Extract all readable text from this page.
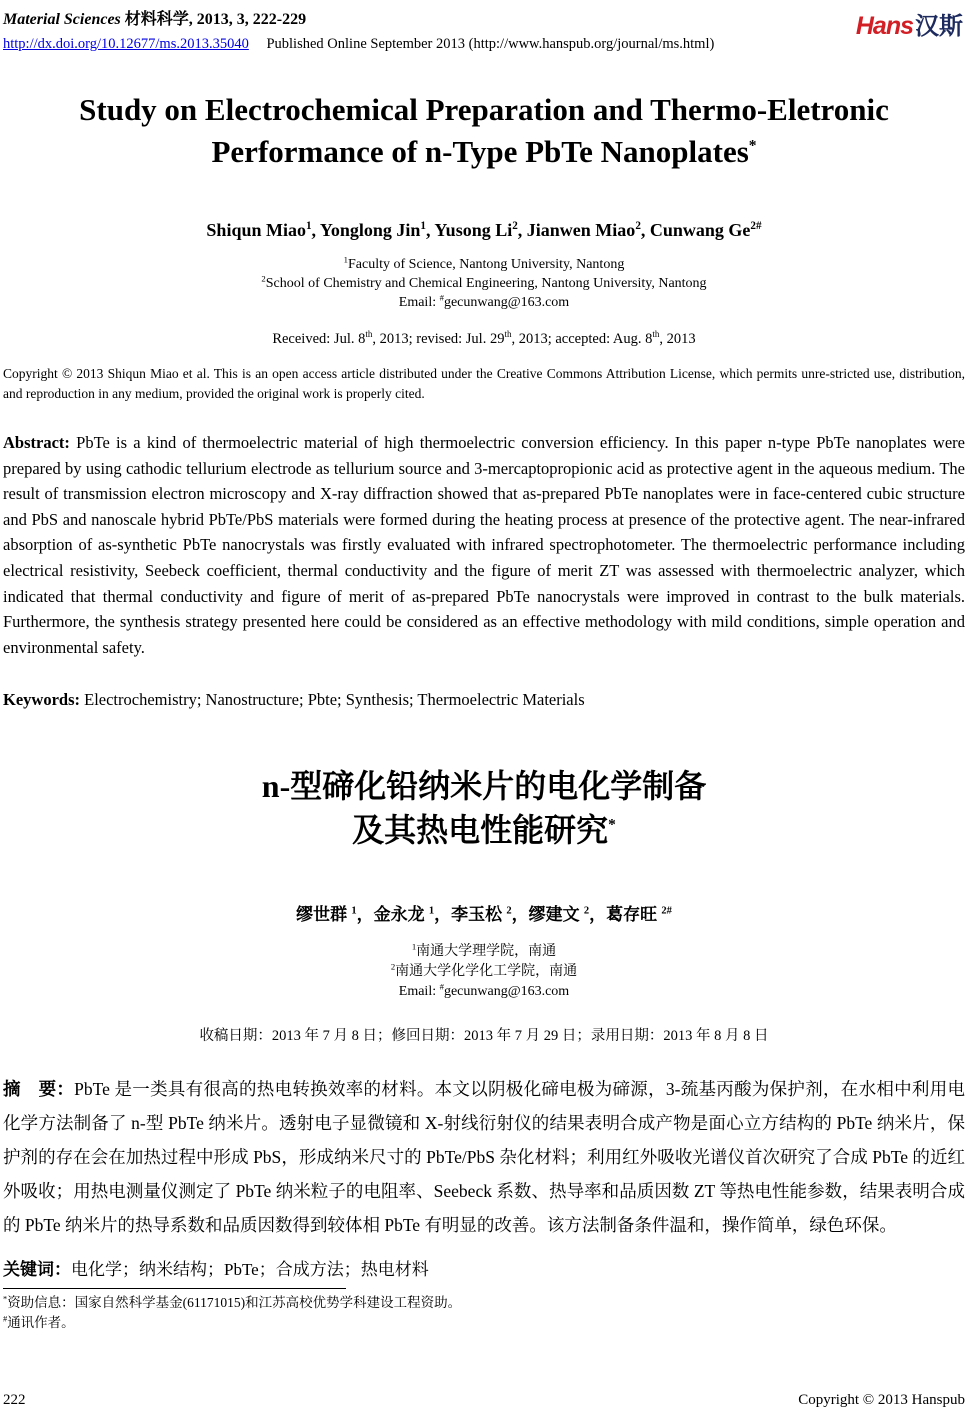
Material Sciences 材料科学, 2013, 3, 222-229
http://dx.doi.org/10.12677/ms.2013.35040 Published Online September 2013 (http://www.hanspub.org/journal/ms.html)
Hans汉斯
Study on Electrochemical Preparation and Thermo-Eletronic
Performance of n-Type PbTe Nanoplates*

Shiqun Miao$^1$, Yonglong Jin$^1$, Yusong Li$^2$, Jianwen Miao$^2$, Cunwang $Ge^{2\#}$

$^1$Faculty of Science, Nantong University, Nantong
$^2$School of Chemistry and Chemical Engineering, Nantong University, Nantong
Email: #gecunwang@163.com

Received: Jul. 8th, 2013; revised: Jul. 29th, 2013; accepted: Aug. 8th, 2013

Copyright © 2013 Shiqun Miao et al. This is an open access article distributed under the Creative Commons Attribution License, which permits unre-stricted use, distribution, and reproduction in any medium, provided the original work is properly cited.

Abstract: PbTe is a kind of thermoelectric material of high thermoelectric conversion efficiency. In this paper n-type PbTe nanoplates were prepared by using cathodic tellurium electrode as tellurium source and 3-mercaptopropionic acid as protective agent in the aqueous medium. The result of transmission electron microscopy and X-ray diffraction showed that as-prepared PbTe nanoplates were in face-centered cubic structure and PbS and nanoscale hybrid PbTe/PbS materials were formed during the heating process at presence of the protective agent. The near-infrared absorption of as-synthetic PbTe nanocrystals was firstly evaluated with infrared spectrophotometer. The thermoelectric performance including electrical resistivity, Seebeck coefficient, thermal conductivity and the figure of merit ZT was assessed with thermoelectric analyzer, which indicated that thermal conductivity and figure of merit of as-prepared PbTe nanocrystals were improved in contrast to the bulk materials. Furthermore, the synthesis strategy presented here could be considered as an effective methodology with mild conditions, simple operation and environmental safety.

Keywords: Electrochemistry; Nanostructure; Pbte; Synthesis; Thermoelectric Materials

n-型碲化铅纳米片的电化学制备
及其热电性能研究*

缪世群 $^1$，金永龙 $^1$，李玉松 $^2$，缪建文 $^2$，葛存旺 $^{2\#}$

$^1$南通大学理学院，南通
$^2$南通大学化学化工学院，南通
Email: #gecunwang@163.com

收稿日期：2013 年 7 月 8 日；修回日期：2013 年 7 月 29 日；录用日期：2013 年 8 月 8 日

摘　要：PbTe 是一类具有很高的热电转换效率的材料。本文以阴极化碲电极为碲源，3-巯基丙酸为保护剂，在水相中利用电化学方法制备了 n-型 PbTe 纳米片。透射电子显微镜和 X-射线衍射仪的结果表明合成产物是面心立方结构的 PbTe 纳米片，保护剂的存在会在加热过程中形成 PbS，形成纳米尺寸的 PbTe/PbS 杂化材料；利用红外吸收光谱仪首次研究了合成 PbTe 的近红外吸收；用热电测量仪测定了 PbTe 纳米粒子的电阻率、Seebeck 系数、热导率和品质因数 ZT 等热电性能参数，结果表明合成的 PbTe 纳米片的热导系数和品质因数得到较体相 PbTe 有明显的改善。该方法制备条件温和，操作简单，绿色环保。

关键词：电化学；纳米结构；PbTe；合成方法；热电材料

*资助信息：国家自然科学基金(61171015)和江苏高校优势学科建设工程资助。
#通讯作者。
222	Copyright © 2013 Hanspub
